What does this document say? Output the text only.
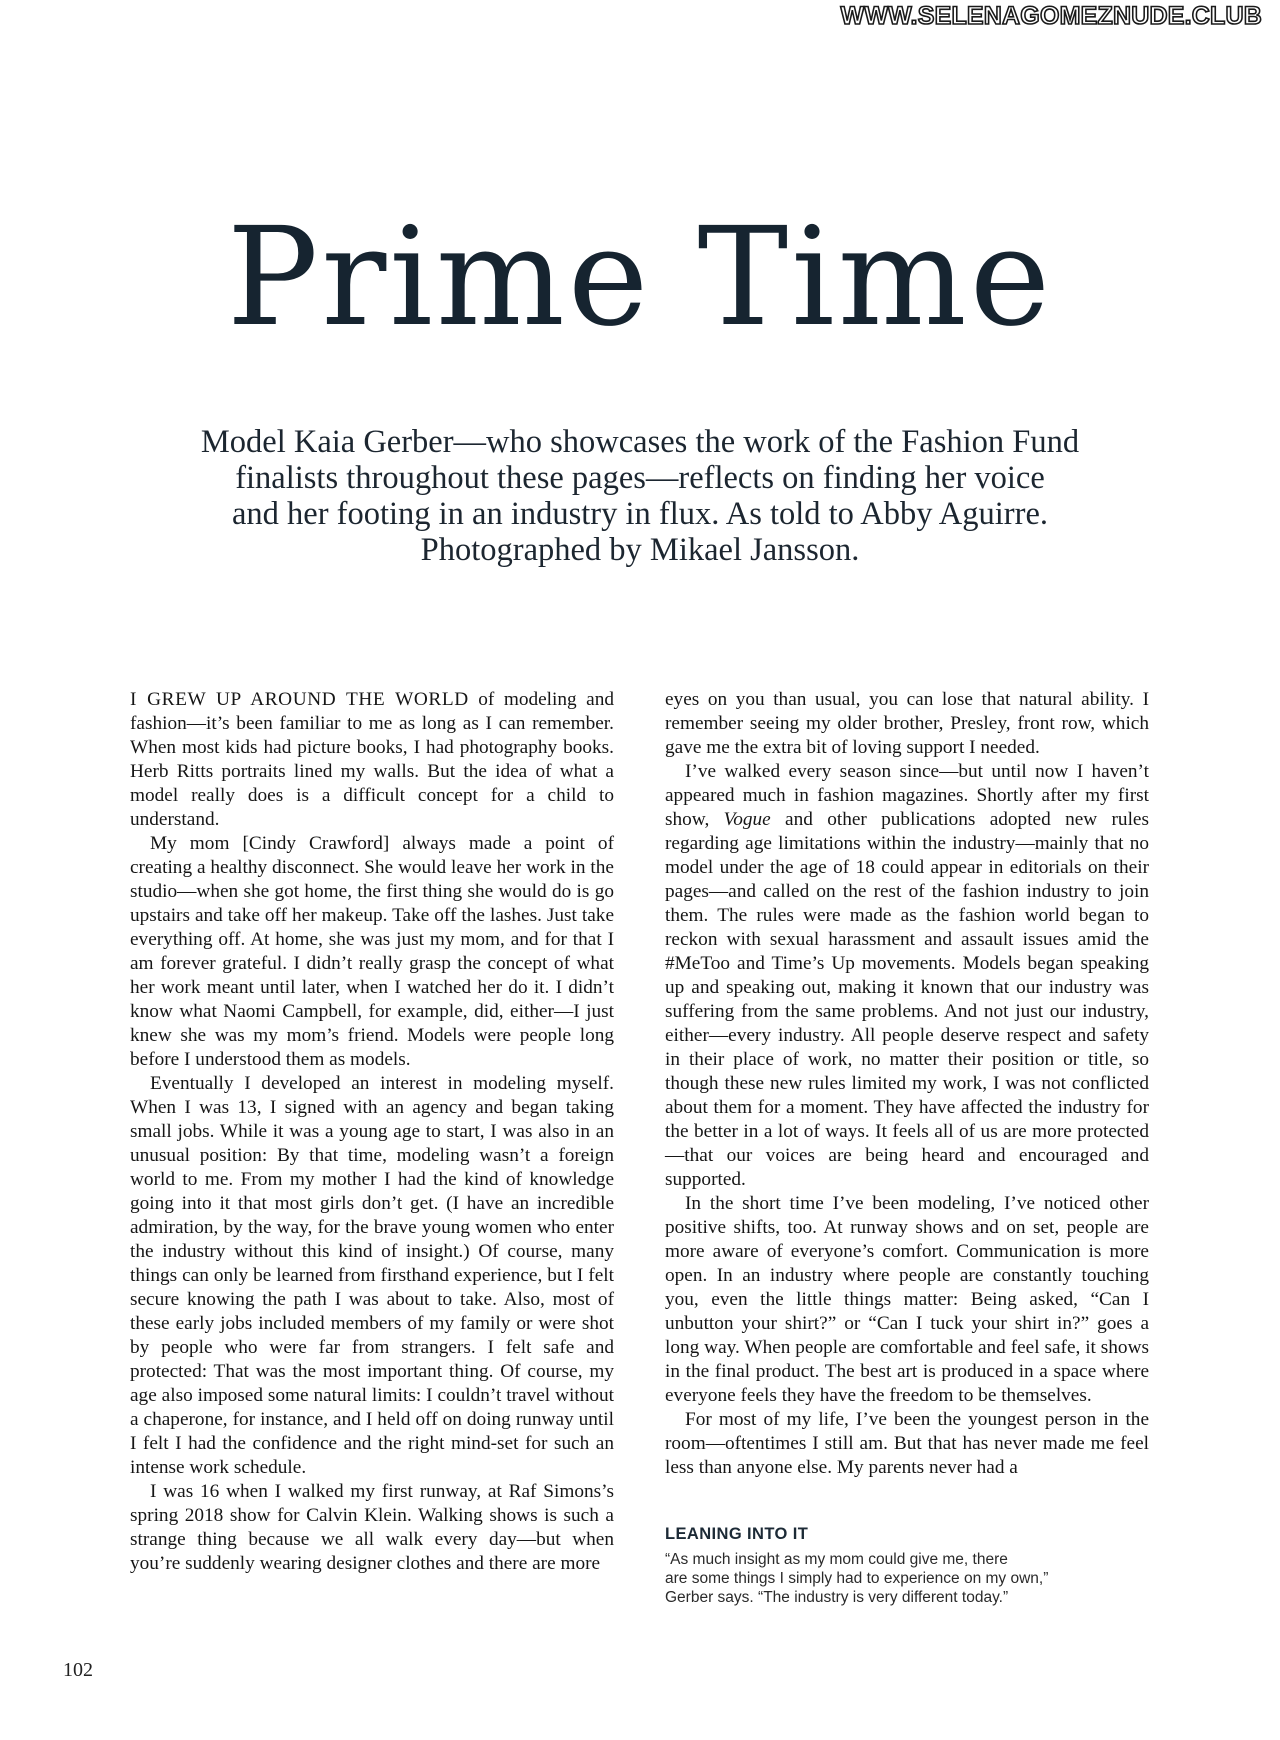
WWW.SELENAGOMEZNUDE.CLUB
Prime Time

Model Kaia Gerber—who showcases the work of the Fashion Fund
finalists throughout these pages—reflects on finding her voice
and her footing in an industry in flux. As told to Abby Aguirre.
Photographed by Mikael Jansson.

I GREW UP AROUND THE WORLD of modeling and fashion—it’s been familiar to me as long as I can remember. When most kids had picture books, I had photography books. Herb Ritts portraits lined my walls. But the idea of what a model really does is a difficult concept for a child to understand.

My mom [Cindy Crawford] always made a point of creating a healthy disconnect. She would leave her work in the studio—when she got home, the first thing she would do is go upstairs and take off her makeup. Take off the lashes. Just take everything off. At home, she was just my mom, and for that I am forever grateful. I didn’t really grasp the concept of what her work meant until later, when I watched her do it. I didn’t know what Naomi Campbell, for example, did, either—I just knew she was my mom’s friend. Models were people long before I understood them as models.

Eventually I developed an interest in modeling myself. When I was 13, I signed with an agency and began taking small jobs. While it was a young age to start, I was also in an unusual position: By that time, modeling wasn’t a foreign world to me. From my mother I had the kind of knowledge going into it that most girls don’t get. (I have an incredible admiration, by the way, for the brave young women who enter the industry without this kind of insight.) Of course, many things can only be learned from firsthand experience, but I felt secure knowing the path I was about to take. Also, most of these early jobs included members of my family or were shot by people who were far from strangers. I felt safe and protected: That was the most important thing. Of course, my age also imposed some natural limits: I couldn’t travel without a chaperone, for instance, and I held off on doing runway until I felt I had the confidence and the right mind-set for such an intense work schedule.

I was 16 when I walked my first runway, at Raf Simons’s spring 2018 show for Calvin Klein. Walking shows is such a strange thing because we all walk every day—but when you’re suddenly wearing designer clothes and there are more

eyes on you than usual, you can lose that natural ability. I remember seeing my older brother, Presley, front row, which gave me the extra bit of loving support I needed.

I’ve walked every season since—but until now I haven’t appeared much in fashion magazines. Shortly after my first show, Vogue and other publications adopted new rules regarding age limitations within the industry—mainly that no model under the age of 18 could appear in editorials on their pages—and called on the rest of the fashion industry to join them. The rules were made as the fashion world began to reckon with sexual harassment and assault issues amid the #MeToo and Time’s Up movements. Models began speaking up and speaking out, making it known that our industry was suffering from the same problems. And not just our industry, either—every industry. All people deserve respect and safety in their place of work, no matter their position or title, so though these new rules limited my work, I was not conflicted about them for a moment. They have affected the industry for the better in a lot of ways. It feels all of us are more protected—that our voices are being heard and encouraged and supported.

In the short time I’ve been modeling, I’ve noticed other positive shifts, too. At runway shows and on set, people are more aware of everyone’s comfort. Communication is more open. In an industry where people are constantly touching you, even the little things matter: Being asked, “Can I unbutton your shirt?” or “Can I tuck your shirt in?” goes a long way. When people are comfortable and feel safe, it shows in the final product. The best art is produced in a space where everyone feels they have the freedom to be themselves.

For most of my life, I’ve been the youngest person in the room—oftentimes I still am. But that has never made me feel less than anyone else. My parents never had a

LEANING INTO IT

“As much insight as my mom could give me, there
are some things I simply had to experience on my own,”
Gerber says. “The industry is very different today.”

102
